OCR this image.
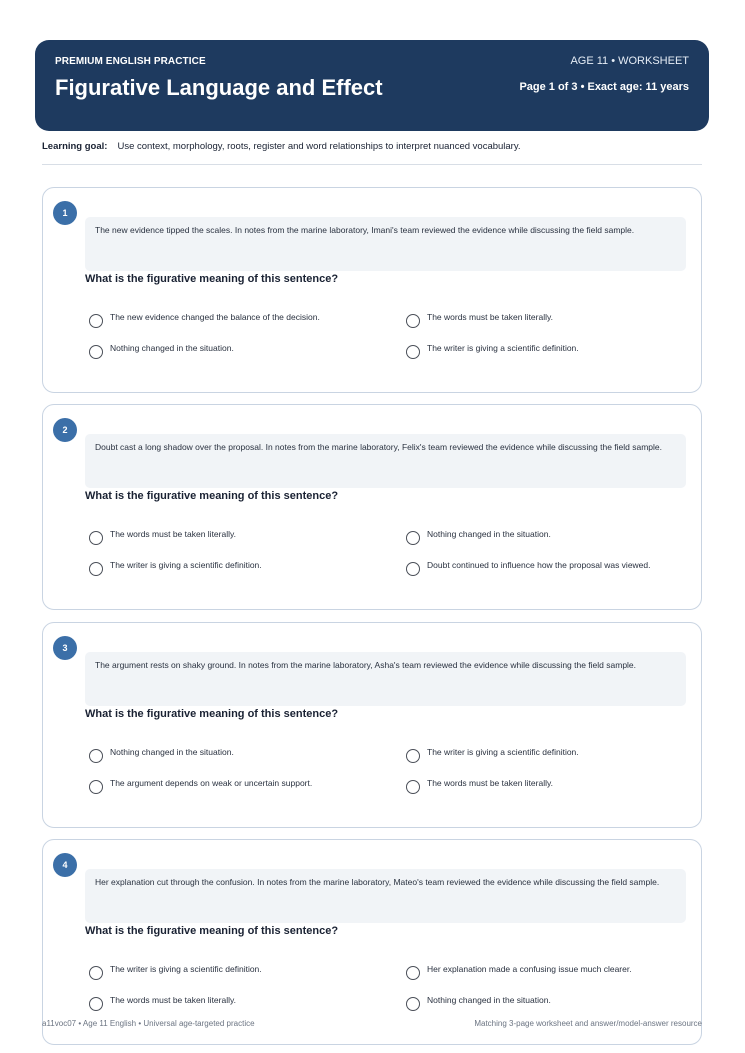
PREMIUM ENGLISH PRACTICE
Figurative Language and Effect
AGE 11 • WORKSHEET
Page 1 of 3 • Exact age: 11 years
Learning goal: Use context, morphology, roots, register and word relationships to interpret nuanced vocabulary.
1
The new evidence tipped the scales. In notes from the marine laboratory, Imani's team reviewed the evidence while discussing the field sample.
What is the figurative meaning of this sentence?
The new evidence changed the balance of the decision.	The words must be taken literally.
Nothing changed in the situation.	The writer is giving a scientific definition.
2
Doubt cast a long shadow over the proposal. In notes from the marine laboratory, Felix's team reviewed the evidence while discussing the field sample.
What is the figurative meaning of this sentence?
The words must be taken literally.	Nothing changed in the situation.
The writer is giving a scientific definition.	Doubt continued to influence how the proposal was viewed.
3
The argument rests on shaky ground. In notes from the marine laboratory, Asha's team reviewed the evidence while discussing the field sample.
What is the figurative meaning of this sentence?
Nothing changed in the situation.	The writer is giving a scientific definition.
The argument depends on weak or uncertain support.	The words must be taken literally.
4
Her explanation cut through the confusion. In notes from the marine laboratory, Mateo's team reviewed the evidence while discussing the field sample.
What is the figurative meaning of this sentence?
The writer is giving a scientific definition.	Her explanation made a confusing issue much clearer.
The words must be taken literally.	Nothing changed in the situation.
a11voc07 • Age 11 English • Universal age-targeted practice	Matching 3-page worksheet and answer/model-answer resource
